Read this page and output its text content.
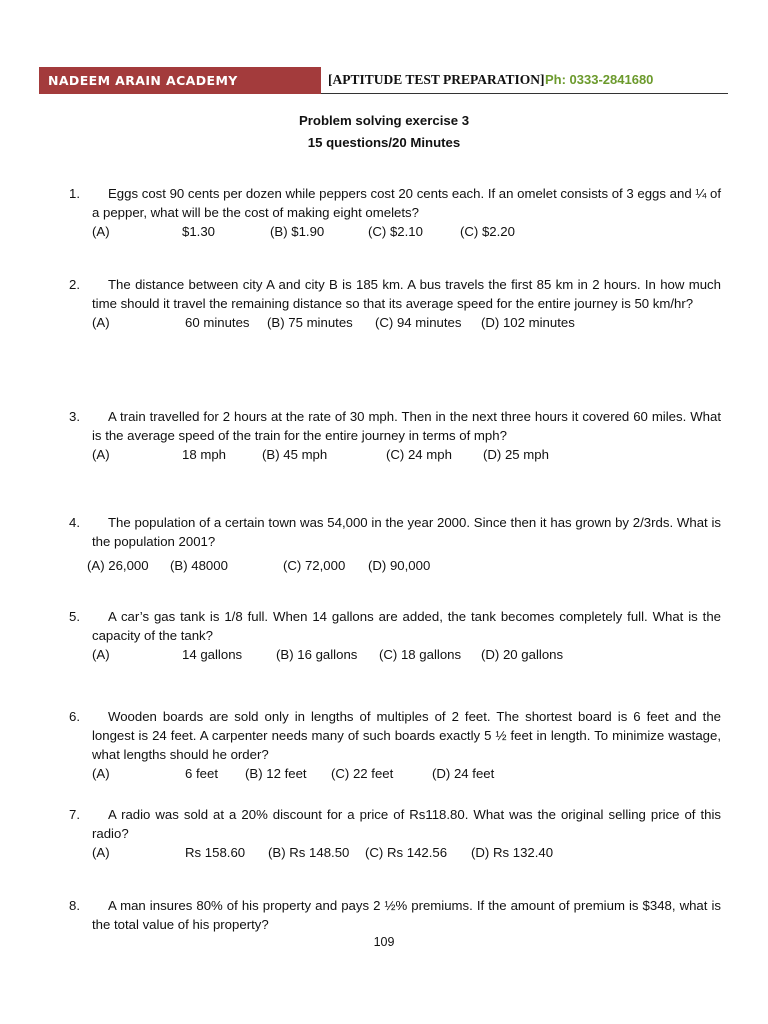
NADEEM ARAIN ACADEMY	[APTITUDE TEST PREPARATION] Ph: 0333-2841680
Problem solving exercise 3
15 questions/20 Minutes
1.	Eggs cost 90 cents per dozen while peppers cost 20 cents each. If an omelet consists of 3 eggs and ¼ of a pepper, what will be the cost of making eight omelets?
(A)	$1.30	(B) $1.90	(C) $2.10	(C) $2.20
2.	The distance between city A and city B is 185 km. A bus travels the first 85 km in 2 hours. In how much time should it travel the remaining distance so that its average speed for the entire journey is 50 km/hr?
(A)	60 minutes (B) 75 minutes (C) 94 minutes (D) 102 minutes
3.	A train travelled for 2 hours at the rate of 30 mph. Then in the next three hours it covered 60 miles. What is the average speed of the train for the entire journey in terms of mph?
(A)	18 mph	(B) 45 mph	(C) 24 mph (D) 25 mph
4.	The population of a certain town was 54,000 in the year 2000. Since then it has grown by 2/3rds. What is the population 2001?
(A) 26,000 (B) 48000	(C) 72,000 (D) 90,000
5.	A car’s gas tank is 1/8 full. When 14 gallons are added, the tank becomes completely full. What is the capacity of the tank?
(A)	14 gallons	(B) 16 gallons (C) 18 gallons (D) 20 gallons
6.	Wooden boards are sold only in lengths of multiples of 2 feet. The shortest board is 6 feet and the longest is 24 feet. A carpenter needs many of such boards exactly 5 ½ feet in length. To minimize wastage, what lengths should he order?
(A)	6 feet (B) 12 feet (C) 22 feet	(D) 24 feet
7.	A radio was sold at a 20% discount for a price of Rs118.80. What was the original selling price of this radio?
(A)	Rs 158.60 (B) Rs 148.50 (C) Rs 142.56 (D) Rs 132.40
8.	A man insures 80% of his property and pays 2 ½% premiums. If the amount of premium is $348, what is the total value of his property?
109
